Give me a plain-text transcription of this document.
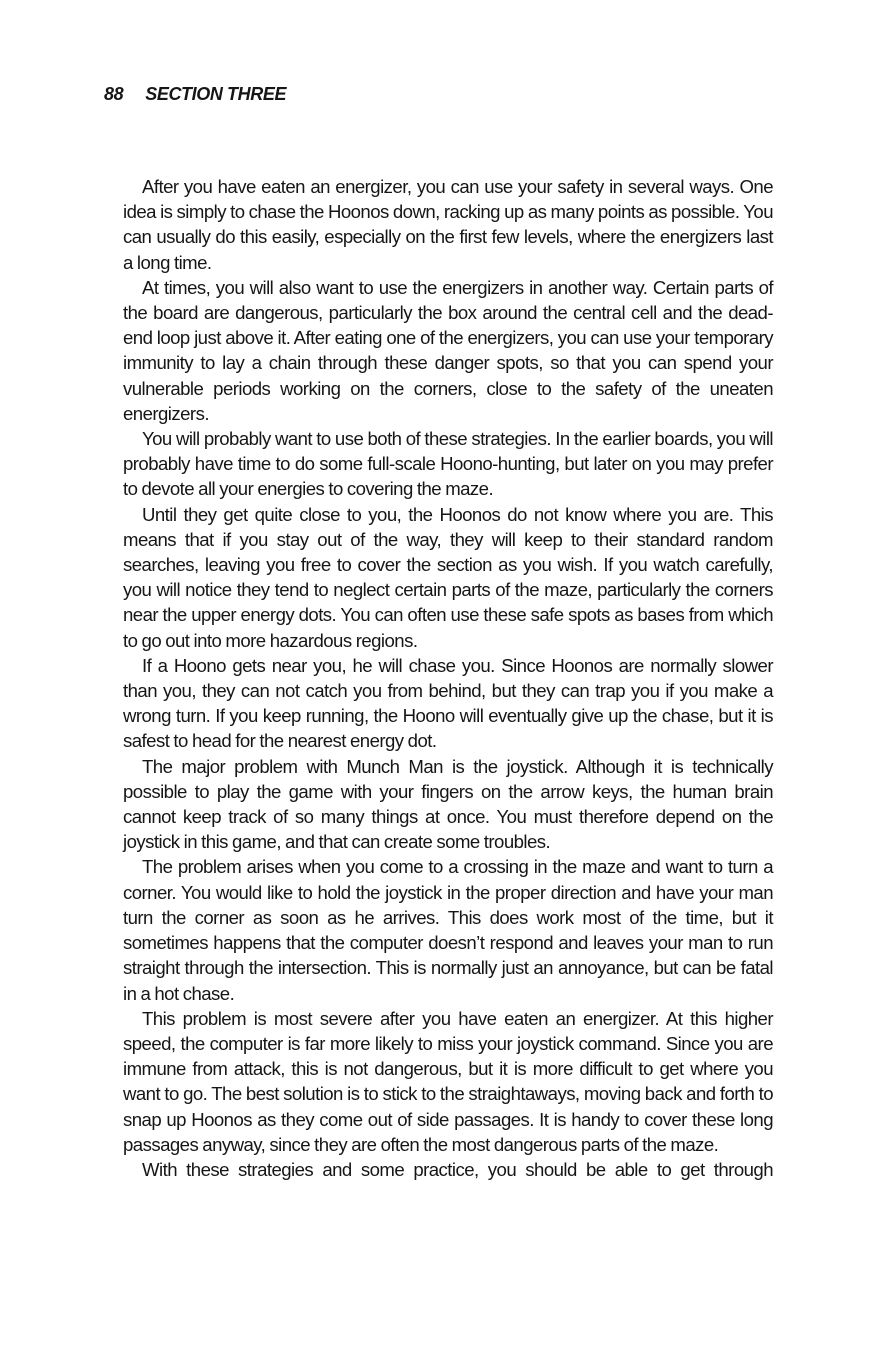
88 SECTION THREE

After you have eaten an energizer, you can use your safety in several ways. One idea is simply to chase the Hoonos down, racking up as many points as possible. You can usually do this easily, especially on the first few levels, where the energizers last a long time.

At times, you will also want to use the energizers in another way. Certain parts of the board are dangerous, particularly the box around the central cell and the dead-end loop just above it. After eating one of the energizers, you can use your temporary immunity to lay a chain through these danger spots, so that you can spend your vulnerable periods working on the corners, close to the safety of the uneaten energizers.

You will probably want to use both of these strategies. In the earlier boards, you will probably have time to do some full-scale Hoono-hunting, but later on you may prefer to devote all your energies to covering the maze.

Until they get quite close to you, the Hoonos do not know where you are. This means that if you stay out of the way, they will keep to their standard random searches, leaving you free to cover the section as you wish. If you watch carefully, you will notice they tend to neglect certain parts of the maze, particularly the corners near the upper energy dots. You can often use these safe spots as bases from which to go out into more hazardous regions.

If a Hoono gets near you, he will chase you. Since Hoonos are normally slower than you, they can not catch you from behind, but they can trap you if you make a wrong turn. If you keep running, the Hoono will eventually give up the chase, but it is safest to head for the nearest energy dot.

The major problem with Munch Man is the joystick. Although it is technically possible to play the game with your fingers on the arrow keys, the human brain cannot keep track of so many things at once. You must therefore depend on the joystick in this game, and that can create some troubles.

The problem arises when you come to a crossing in the maze and want to turn a corner. You would like to hold the joystick in the proper direction and have your man turn the corner as soon as he arrives. This does work most of the time, but it sometimes happens that the computer doesn’t respond and leaves your man to run straight through the intersection. This is normally just an annoyance, but can be fatal in a hot chase.

This problem is most severe after you have eaten an energizer. At this higher speed, the computer is far more likely to miss your joystick command. Since you are immune from attack, this is not dangerous, but it is more difficult to get where you want to go. The best solution is to stick to the straightaways, moving back and forth to snap up Hoonos as they come out of side passages. It is handy to cover these long passages anyway, since they are often the most dangerous parts of the maze.

With these strategies and some practice, you should be able to get through
